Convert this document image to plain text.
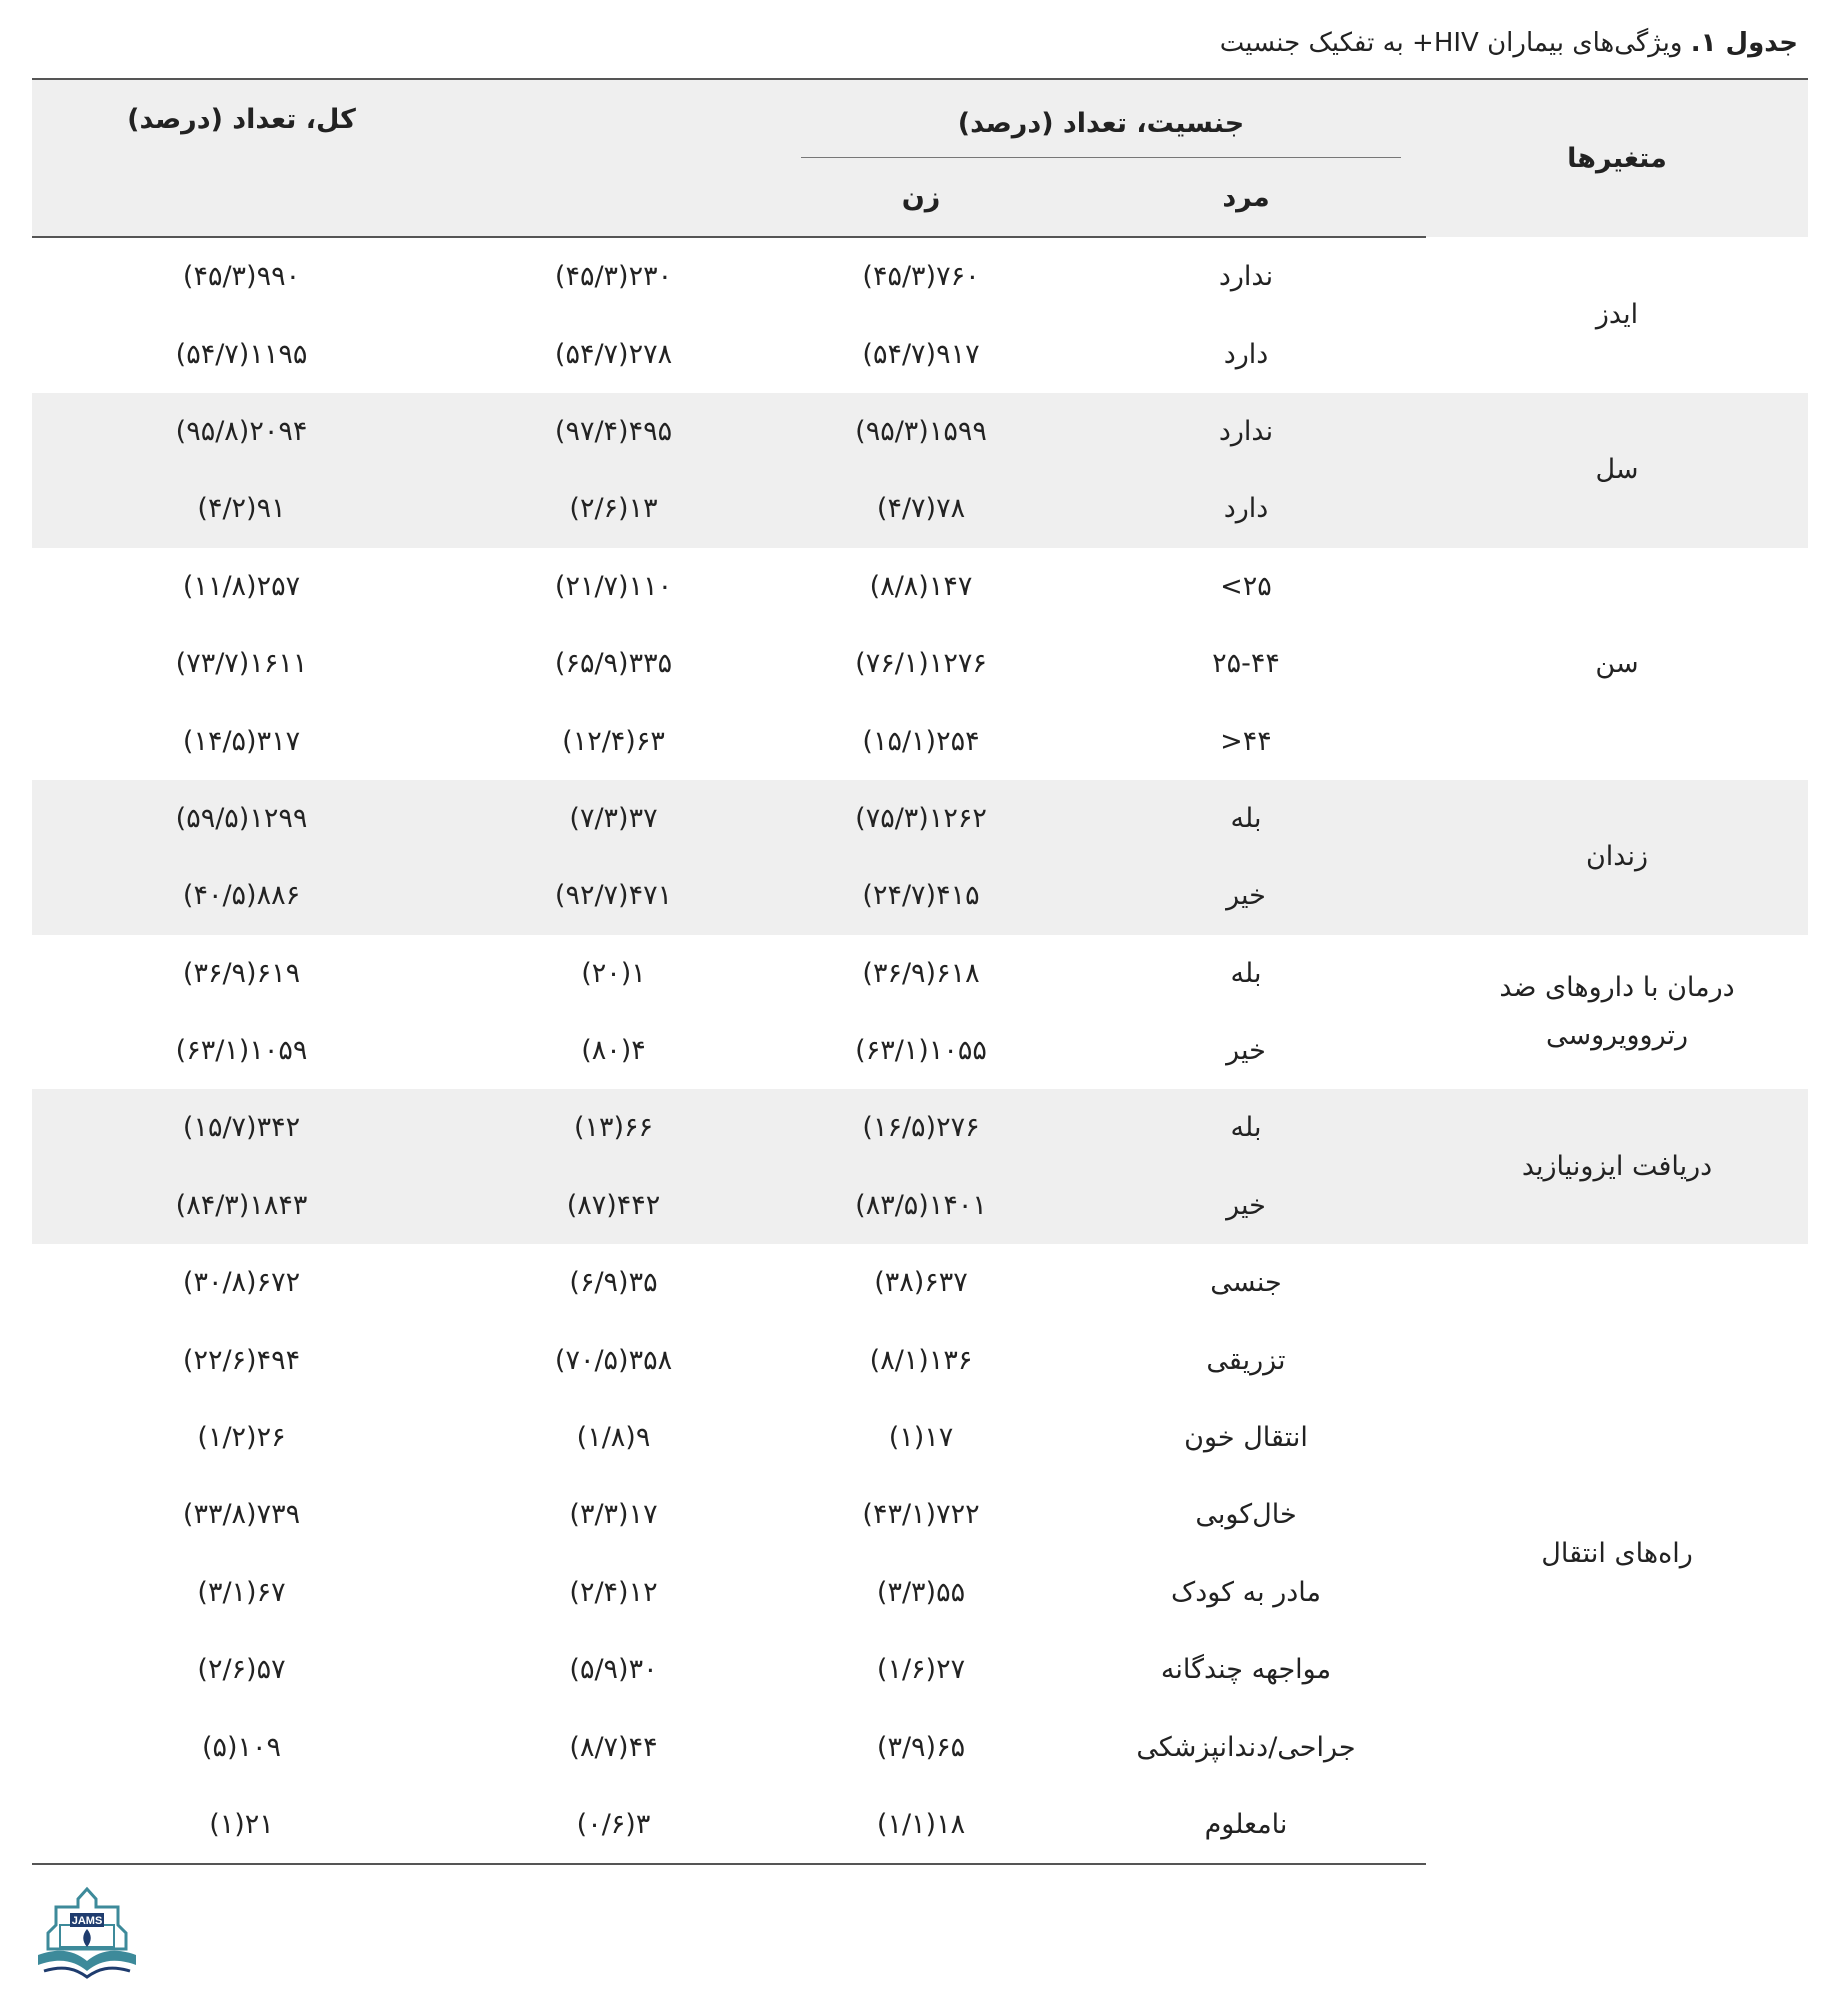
جدول ۱. ویژگی‌های بیماران HIV+ به تفکیک جنسیت
متغیرها	جنسیت، تعداد (درصد)			کل، تعداد (درصد)
	مرد	زن		
ایدز	ندارد	۷۶۰(۴۵/۳)	۲۳۰(۴۵/۳)	۹۹۰(۴۵/۳)
	دارد	۹۱۷(۵۴/۷)	۲۷۸(۵۴/۷)	۱۱۹۵(۵۴/۷)
سل	ندارد	۱۵۹۹(۹۵/۳)	۴۹۵(۹۷/۴)	۲۰۹۴(۹۵/۸)
	دارد	۷۸(۴/۷)	۱۳(۲/۶)	۹۱(۴/۲)
سن	۲۵>	۱۴۷(۸/۸)	۱۱۰(۲۱/۷)	۲۵۷(۱۱/۸)
	۲۵-۴۴	۱۲۷۶(۷۶/۱)	۳۳۵(۶۵/۹)	۱۶۱۱(۷۳/۷)
	۴۴<	۲۵۴(۱۵/۱)	۶۳(۱۲/۴)	۳۱۷(۱۴/۵)
زندان	بله	۱۲۶۲(۷۵/۳)	۳۷(۷/۳)	۱۲۹۹(۵۹/۵)
	خیر	۴۱۵(۲۴/۷)	۴۷۱(۹۲/۷)	۸۸۶(۴۰/۵)
درمان با داروهای ضد رتروویروسی	بله	۶۱۸(۳۶/۹)	۱(۲۰)	۶۱۹(۳۶/۹)
	خیر	۱۰۵۵(۶۳/۱)	۴(۸۰)	۱۰۵۹(۶۳/۱)
دریافت ایزونیازید	بله	۲۷۶(۱۶/۵)	۶۶(۱۳)	۳۴۲(۱۵/۷)
	خیر	۱۴۰۱(۸۳/۵)	۴۴۲(۸۷)	۱۸۴۳(۸۴/۳)
راه‌های انتقال	جنسی	۶۳۷(۳۸)	۳۵(۶/۹)	۶۷۲(۳۰/۸)
	تزریقی	۱۳۶(۸/۱)	۳۵۸(۷۰/۵)	۴۹۴(۲۲/۶)
	انتقال خون	۱۷(۱)	۹(۱/۸)	۲۶(۱/۲)
	خال‌کوبی	۷۲۲(۴۳/۱)	۱۷(۳/۳)	۷۳۹(۳۳/۸)
	مادر به کودک	۵۵(۳/۳)	۱۲(۲/۴)	۶۷(۳/۱)
	مواجهه چندگانه	۲۷(۱/۶)	۳۰(۵/۹)	۵۷(۲/۶)
	جراحی/دندانپزشکی	۶۵(۳/۹)	۴۴(۸/۷)	۱۰۹(۵)
	نامعلوم	۱۸(۱/۱)	۳(۰/۶)	۲۱(۱)
JAMS
